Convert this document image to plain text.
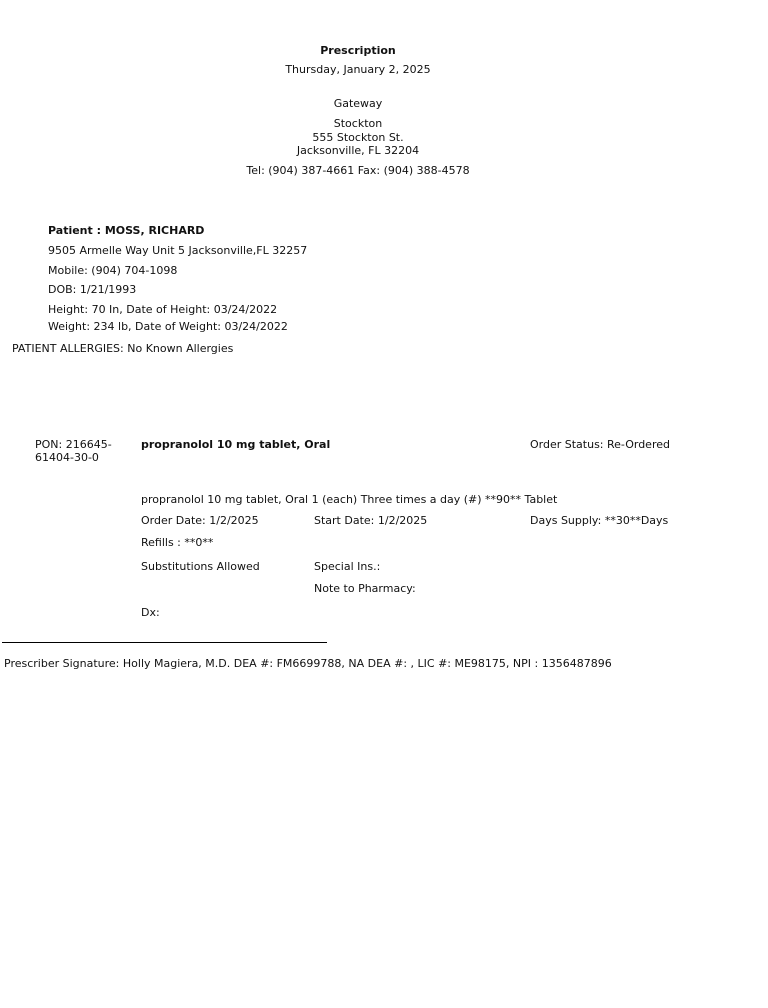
Prescription
Thursday, January 2, 2025
Gateway
Stockton
555 Stockton St.
Jacksonville, FL 32204
Tel: (904) 387-4661 Fax: (904) 388-4578
Patient : MOSS, RICHARD
9505 Armelle Way Unit 5 Jacksonville,FL 32257
Mobile: (904) 704-1098
DOB: 1/21/1993
Height: 70 In, Date of Height: 03/24/2022
Weight: 234 lb, Date of Weight: 03/24/2022
PATIENT ALLERGIES: No Known Allergies
PON: 216645-
61404-30-0
propranolol 10 mg tablet, Oral	Order Status: Re-Ordered
propranolol 10 mg tablet, Oral 1 (each) Three times a day (#) **90** Tablet
Order Date: 1/2/2025	Start Date: 1/2/2025	Days Supply: **30**Days
Refills : **0**
Substitutions Allowed	Special Ins.:
Note to Pharmacy:
Dx:
Prescriber Signature: Holly Magiera, M.D. DEA #: FM6699788, NA DEA #: , LIC #: ME98175, NPI : 1356487896
